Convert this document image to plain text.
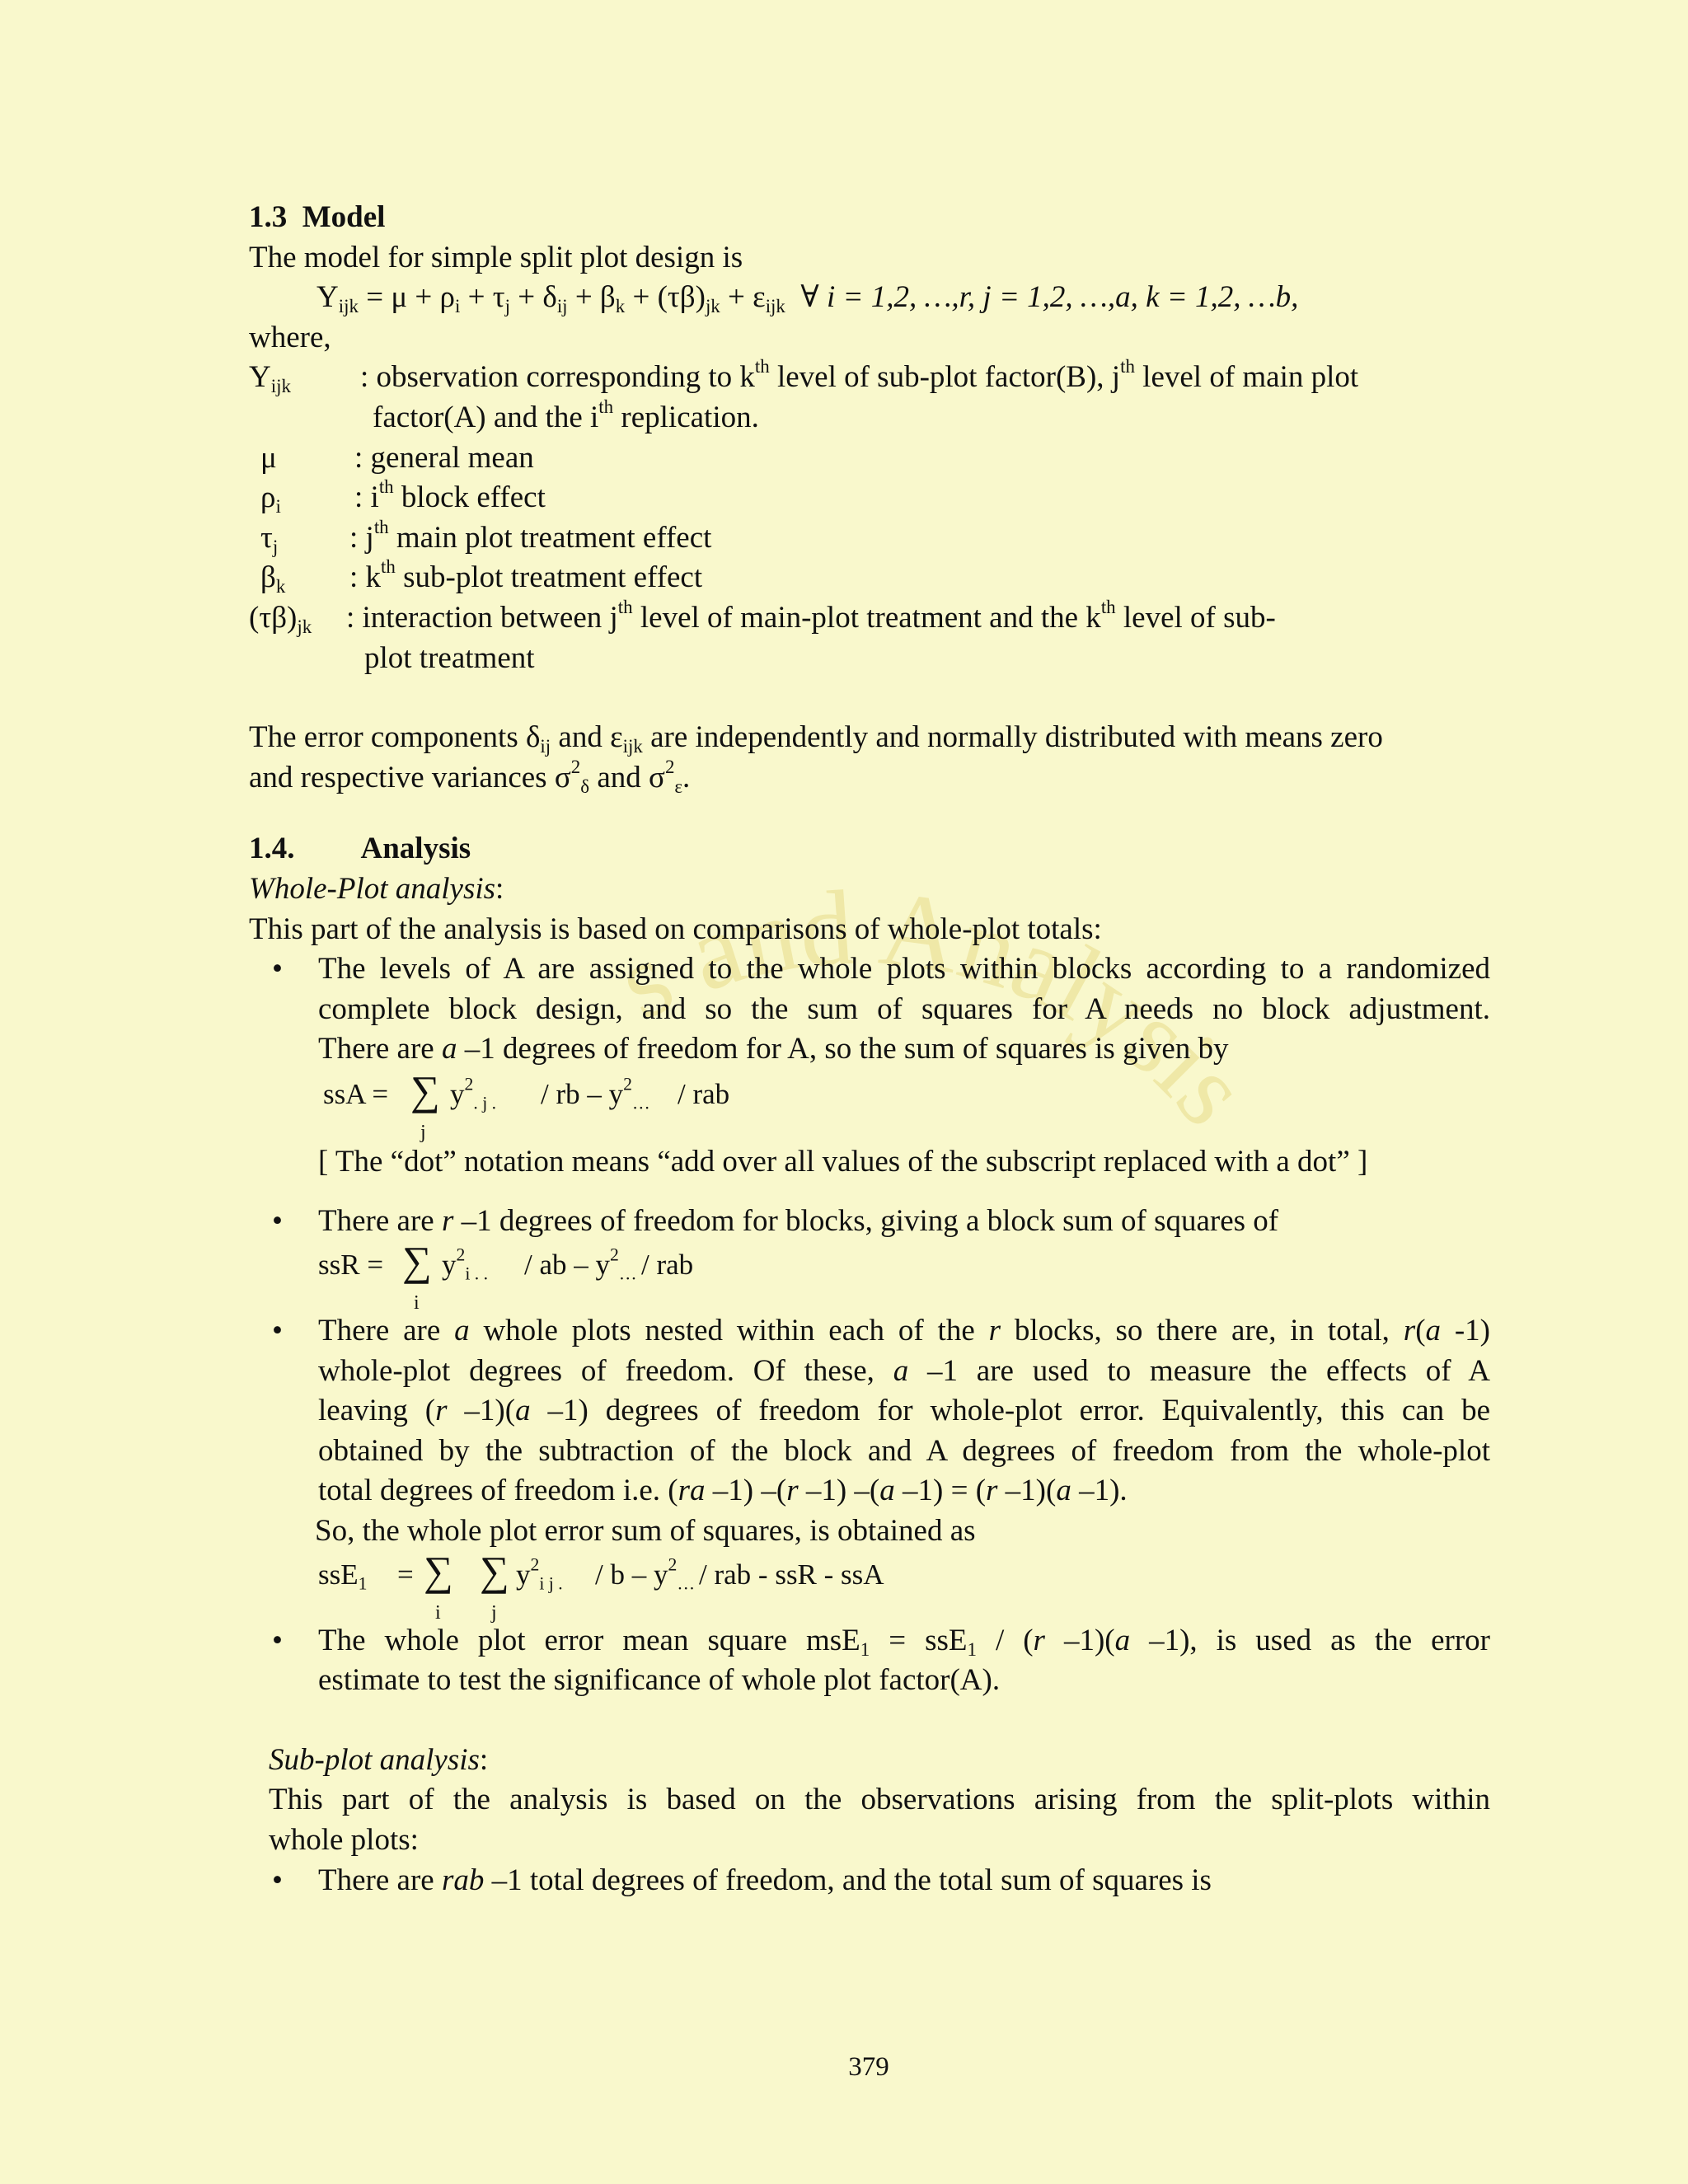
s and Analysis
1.3 Model
The model for simple split plot design is
$Y_{ijk} = \mu + \rho_i + \tau_j + \delta_{ij} + \beta_k + (\tau\beta)_{jk} + \varepsilon_{ijk}$ ∀ i = 1,2, …,r, j = 1,2, …,a, k = 1,2, …b,
where,
$Y_{ijk}$ : observation corresponding to $k^{th}$ level of sub-plot factor(B), $j^{th}$ level of main plot
factor(A) and the $i^{th}$ replication.
μ	: general mean
$\rho_i$ : $i^{th}$ block effect
$\tau_j$ : $j^{th}$ main plot treatment effect
$\beta_k$ : $k^{th}$ sub-plot treatment effect
$(\tau\beta)_{jk}$ : interaction between $j^{th}$ level of main-plot treatment and the $k^{th}$ level of sub-
plot treatment
The error components $\delta_{ij}$ and $\varepsilon_{ijk}$ are independently and normally distributed with means zero
and respective variances $\sigma^2_\delta$ and $\sigma^2_\varepsilon$.
1.4. Analysis
Whole-Plot analysis:
This part of the analysis is based on comparisons of whole-plot totals:
• The levels of A are assigned to the whole plots within blocks according to a randomized
complete block design, and so the sum of squares for A needs no block adjustment.
There are a –1 degrees of freedom for A, so the sum of squares is given by
ssA = ∑
j
$y^2_{. j .}$ / rb – $y^2_\dots$ / rab
[ The “dot” notation means “add over all values of the subscript replaced with a dot” ]
• There are r –1 degrees of freedom for blocks, giving a block sum of squares of
ssR = ∑
i
$y^2_{i . .}$ / ab – $y^2_\dots$ / rab
• There are a whole plots nested within each of the r blocks, so there are, in total, r(a -1)
whole-plot degrees of freedom. Of these, a –1 are used to measure the effects of A
leaving (r –1)(a –1) degrees of freedom for whole-plot error. Equivalently, this can be
obtained by the subtraction of the block and A degrees of freedom from the whole-plot
total degrees of freedom i.e. (ra –1) –(r –1) –(a –1) = (r –1)(a –1).
So, the whole plot error sum of squares, is obtained as
ssE$_1$ = ∑
i
∑
j
$y^2_{i j .}$ / b – $y^2_\dots$ / rab - ssR - ssA
• The whole plot error mean square msE$_1$ = ssE$_1$ / (r –1)(a –1), is used as the error
estimate to test the significance of whole plot factor(A).
Sub-plot analysis:
This part of the analysis is based on the observations arising from the split-plots within
whole plots:
• There are rab –1 total degrees of freedom, and the total sum of squares is
379
